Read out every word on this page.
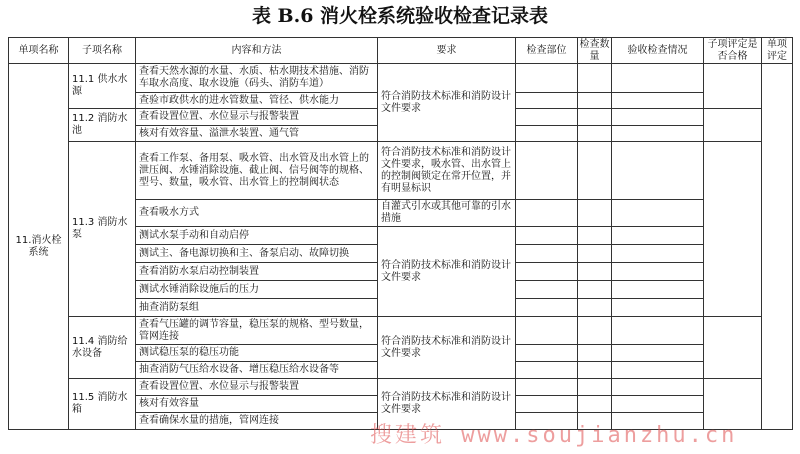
表 B.6 消火栓系统验收检查记录表
单项名称	子项名称	内容和方法	要求	检查部位	检查数量	验收检查情况	子项评定是否合格	单项评定
11.消火栓系统	11.1 供水水源	查看天然水源的水量、水质、枯水期技术措施、消防车取水高度、取水设施（码头、消防车道）	符合消防技术标准和消防设计文件要求					
		查验市政供水的进水管数量、管径、供水能力						
	11.2 消防水池	查看设置位置、水位显示与报警装置						
		核对有效容量、溢泄水装置、通气管						
	11.3 消防水泵	查看工作泵、备用泵、吸水管、出水管及出水管上的泄压阀、水锤消除设施、截止阀、信号阀等的规格、型号、数量，吸水管、出水管上的控制阀状态	符合消防技术标准和消防设计文件要求，吸水管、出水管上的控制阀锁定在常开位置，并有明显标识					
		查看吸水方式	自灌式引水或其他可靠的引水措施					
		测试水泵手动和自动启停	符合消防技术标准和消防设计文件要求					
		测试主、备电源切换和主、备泵启动、故障切换						
		查看消防水泵启动控制装置						
		测试水锤消除设施后的压力						
		抽查消防泵组						
	11.4 消防给水设备	查看气压罐的调节容量，稳压泵的规格、型号数量，管网连接	符合消防技术标准和消防设计文件要求					
		测试稳压泵的稳压功能						
		抽查消防气压给水设备、增压稳压给水设备等						
	11.5 消防水箱	查看设置位置、水位显示与报警装置	符合消防技术标准和消防设计文件要求					
		核对有效容量						
		查看确保水量的措施，管网连接						
搜建筑 www.soujianzhu.cn
